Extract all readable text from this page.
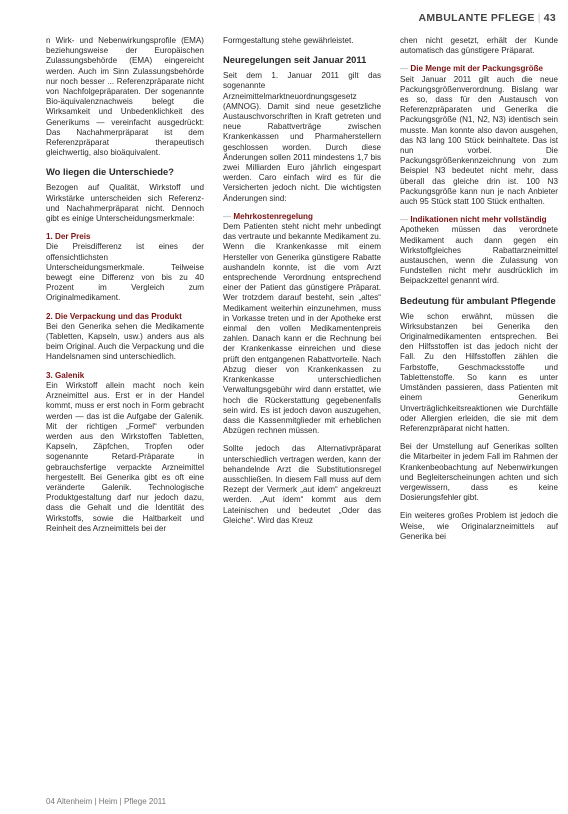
AMBULANTE PFLEGE | 43

n Wirk- und Nebenwirkungsprofile (EMA) beziehungsweise der Europäischen Zulassungsbehörde (EMA) eingereicht werden. Auch im Sinn Zulassungsbehörde nur noch besser ... Referenzpräparate nicht von Nachfolgepräparaten. Der sogenannte Bio-äquivalenznachweis belegt die Wirksamkeit und Unbedenklichkeit des Generikums — vereinfacht ausgedrückt: Das Nachahmerpräparat ist dem Referenzpräparat therapeutisch gleichwertig, also bioäquivalent.

Wo liegen die Unterschiede?

Bezogen auf Qualität, Wirkstoff und Wirkstärke unterscheiden sich Referenz- und Nachahmerpräparat nicht. Dennoch gibt es einige Unterscheidungsmerkmale:

1. Der Preis

Die Preisdifferenz ist eines der offensichtlichsten Unterscheidungsmerkmale. Teilweise bewegt eine Differenz von bis zu 40 Prozent im Vergleich zum Originalmedikament.

2. Die Verpackung und das Produkt

Bei den Generika sehen die Medikamente (Tabletten, Kapseln, usw.) anders aus als beim Original. Auch die Verpackung und die Handelsnamen sind unterschiedlich.

3. Galenik

Ein Wirkstoff allein macht noch kein Arzneimittel aus. Erst er in der Handel kommt, muss er erst noch in Form gebracht werden — das ist die Aufgabe der Galenik. Mit der richtigen „Formel“ verbunden werden aus den Wirkstoffen Tabletten, Kapseln, Zäpfchen, Tropfen oder sogenannte Retard-Präparate in gebrauchsfertige verpackte Arzneimittel hergestellt. Bei Generika gibt es oft eine veränderte Galenik. Technologische Produktgestaltung darf nur jedoch dazu, dass die Gehalt und die Identität des Wirkstoffs, sowie die Haltbarkeit und Reinheit des Arzneimittels bei der

Formgestaltung stehe gewährleistet.

Neuregelungen seit Januar 2011

Seit dem 1. Januar 2011 gilt das sogenannte Arzneimittelmarktneuordnungsgesetz (AMNOG). Damit sind neue gesetzliche Austauschvorschriften in Kraft getreten und neue Rabattverträge zwischen Krankenkassen und Pharmaherstellern geschlossen worden. Durch diese Änderungen sollen 2011 mindestens 1,7 bis zwei Milliarden Euro jährlich eingespart werden. Caro einfach wird es für die Versicherten jedoch nicht. Die wichtigsten Änderungen sind:

— Mehrkostenregelung

Dem Patienten steht nicht mehr unbedingt das vertraute und bekannte Medikament zu. Wenn die Krankenkasse mit einem Hersteller von Generika günstigere Rabatte aushandeln konnte, ist die vom Arzt entsprechende Verordnung entsprechend einer der Patient das günstigere Präparat. Wer trotzdem darauf besteht, sein „altes“ Medikament weiterhin einzunehmen, muss in Vorkasse treten und in der Apotheke erst einmal den vollen Medikamentenpreis zahlen. Danach kann er die Rechnung bei der Krankenkasse einreichen und diese prüft den entgangenen Rabattvorteile. Nach Abzug dieser von Krankenkassen zu Krankenkasse unterschiedlichen Verwaltungsgebühr wird dann erstattet, wie hoch die Rückerstattung gegebenenfalls sein wird. Es ist jedoch davon auszugehen, dass die Kassenmitglieder mit erheblichen Abzügen rechnen müssen.

Sollte jedoch das Alternativpräparat unterschiedlich vertragen werden, kann der behandelnde Arzt die Substitutionsregel ausschließen. In diesem Fall muss auf dem Rezept der Vermerk „aut idem“ angekreuzt werden. „Aut idem“ kommt aus dem Lateinischen und bedeutet „Oder das Gleiche“. Wird das Kreuz

chen nicht gesetzt, erhält der Kunde automatisch das günstigere Präparat.

— Die Menge mit der Packungsgröße

Seit Januar 2011 gilt auch die neue Packungsgrößenverordnung. Bislang war es so, dass für den Austausch von Referenzpräparaten und Generika die Packungsgröße (N1, N2, N3) identisch sein musste. Man konnte also davon ausgehen, das N3 lang 100 Stück beinhaltete. Das ist nun vorbei. Die Packungsgrößenkennzeichnung von zum Beispiel N3 bedeutet nicht mehr, dass überall das gleiche drin ist. 100 N3 Packungsgröße kann nun je nach Anbieter auch 95 Stück statt 100 Stück enthalten.

— Indikationen nicht mehr vollständig

Apotheken müssen das verordnete Medikament auch dann gegen ein Wirkstoffgleiches Rabattarzneimittel austauschen, wenn die Zulassung von Fundstellen nicht mehr ausdrücklich im Beipackzettel genannt wird.

Bedeutung für ambulant Pflegende

Wie schon erwähnt, müssen die Wirksubstanzen bei Generika den Originalmedikamenten entsprechen. Bei den Hilfsstoffen ist das jedoch nicht der Fall. Zu den Hilfsstoffen zählen die Farbstoffe, Geschmacksstoffe und Tablettenstoffe. So kann es unter Umständen passieren, dass Patienten mit einem Generikum Unverträglichkeitsreaktionen wie Durchfälle oder Allergien erleiden, die sie mit dem Referenzpräparat nicht hatten.

Bei der Umstellung auf Generikas sollten die Mitarbeiter in jedem Fall im Rahmen der Krankenbeobachtung auf Nebenwirkungen und Begleiterscheinungen achten und sich vergewissern, dass es keine Dosierungsfehler gibt.

Ein weiteres großes Problem ist jedoch die Weise, wie Originalarzneimittels auf Generika bei

04 Altenheim | Heim | Pflege 2011
